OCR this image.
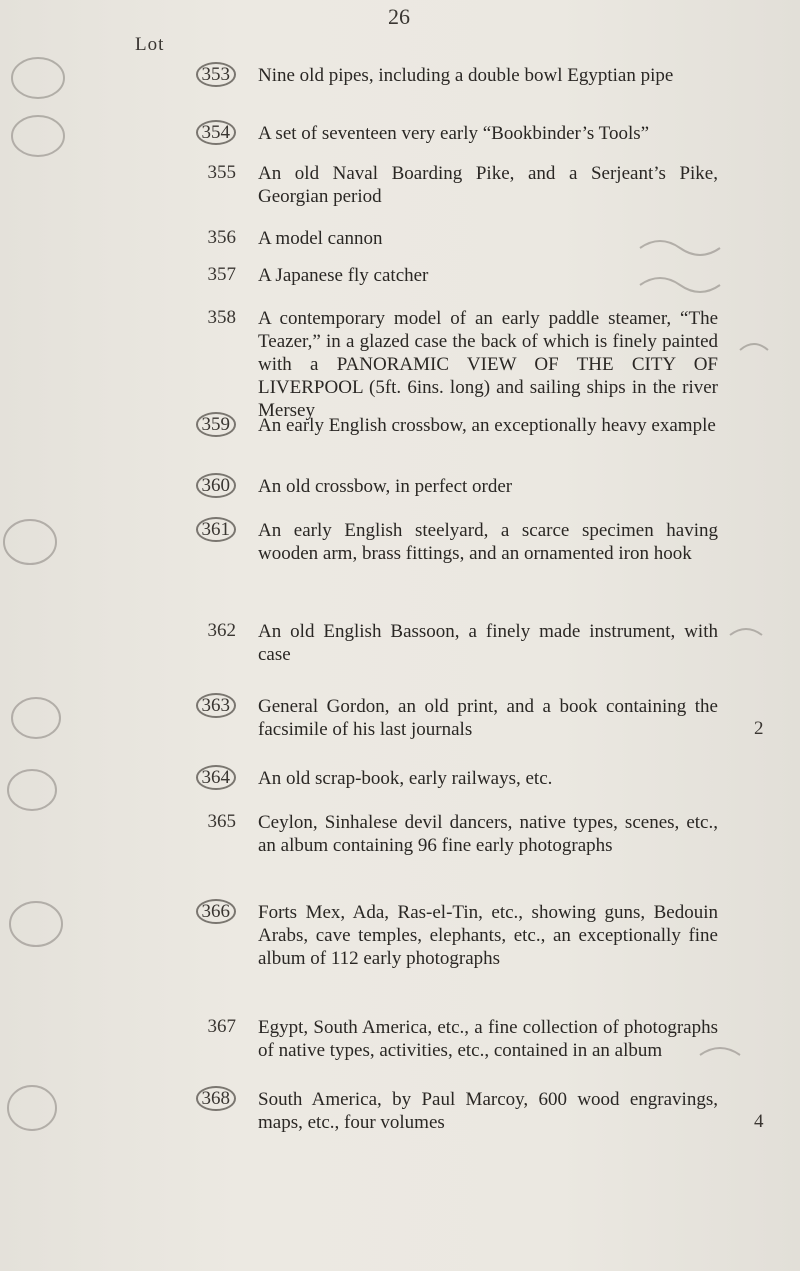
26
Lot
353	Nine old pipes, including a double bowl Egyptian pipe
354	A set of seventeen very early “Bookbinder’s Tools”
355 An old Naval Boarding Pike, and a Serjeant’s Pike, Georgian period
356 A model cannon
357 A Japanese fly catcher
358 A contemporary model of an early paddle steamer, “The Teazer,” in a glazed case the back of which is finely painted with a PANORAMIC VIEW OF THE CITY OF LIVERPOOL (5ft. 6ins. long) and sailing ships in the river Mersey
359	An early English crossbow, an exceptionally heavy example
360	An old crossbow, in perfect order
361	An early English steelyard, a scarce specimen having wooden arm, brass fittings, and an ornamented iron hook
362 An old English Bassoon, a finely made instrument, with case
363	General Gordon, an old print, and a book containing the facsimile of his last journals	2
364	An old scrap-book, early railways, etc.
365 Ceylon, Sinhalese devil dancers, native types, scenes, etc., an album containing 96 fine early photographs
366	Forts Mex, Ada, Ras-el-Tin, etc., showing guns, Bedouin Arabs, cave temples, elephants, etc., an exceptionally fine album of 112 early photographs
367 Egypt, South America, etc., a fine collection of photographs of native types, activities, etc., contained in an album
368	South America, by Paul Marcoy, 600 wood engravings, maps, etc., four volumes	4
